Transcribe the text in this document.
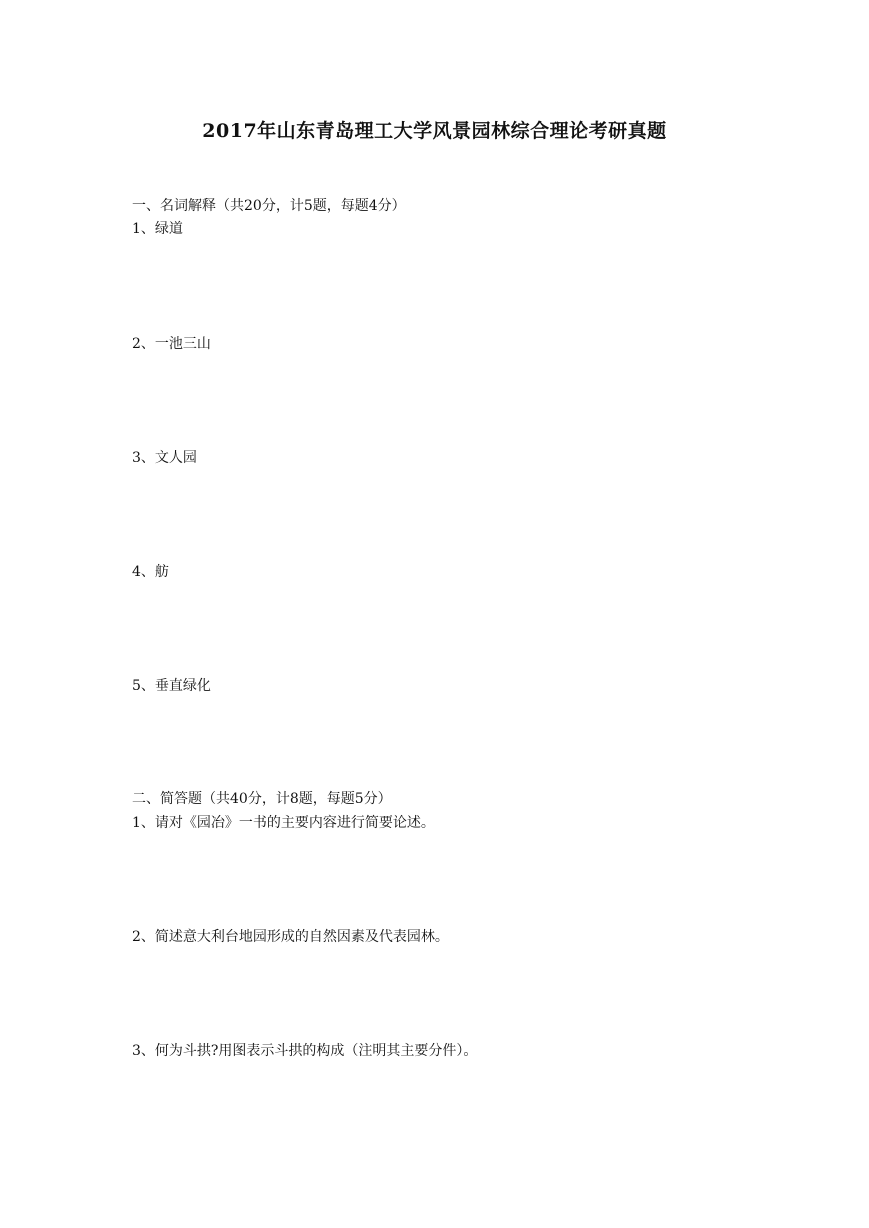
2017年山东青岛理工大学风景园林综合理论考研真题

一、名词解释（共20分，计5题，每题4分）

1、绿道

2、一池三山

3、文人园

4、舫

5、垂直绿化

二、简答题（共40分，计8题，每题5分）

1、请对《园冶》一书的主要内容进行简要论述。

2、简述意大利台地园形成的自然因素及代表园林。

3、何为斗拱?用图表示斗拱的构成（注明其主要分件）。
